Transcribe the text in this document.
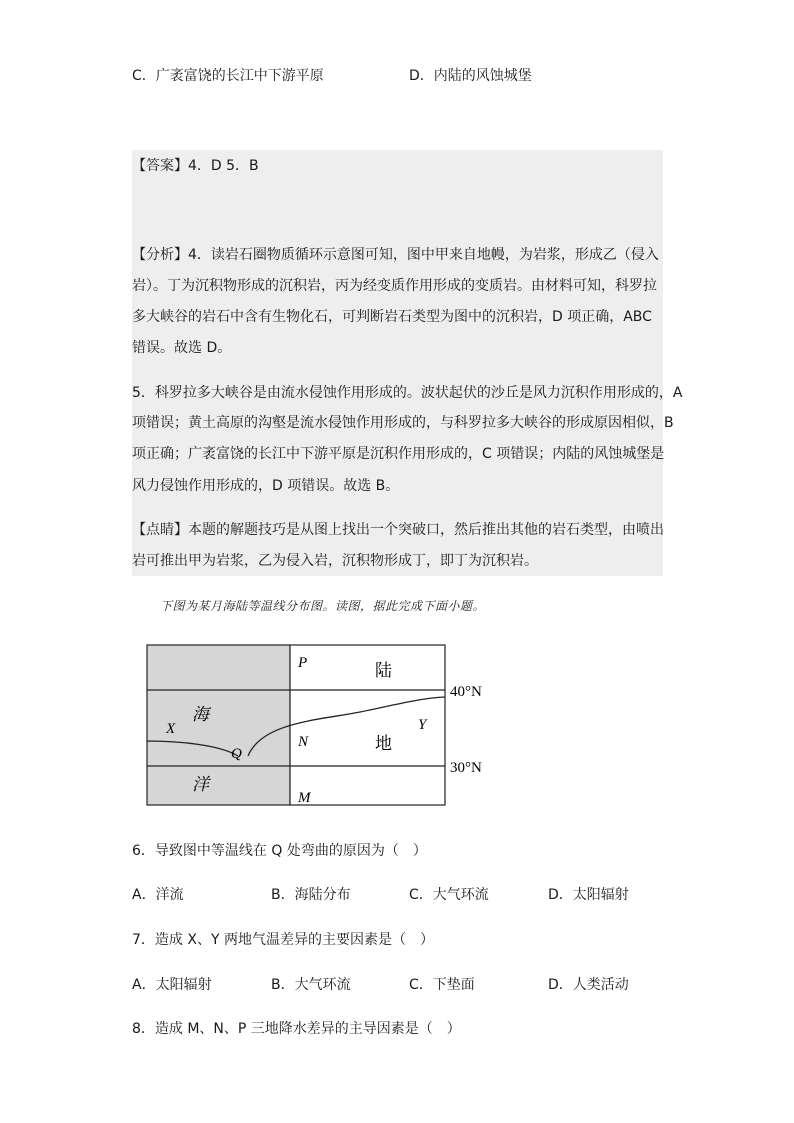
C．广袤富饶的长江中下游平原	D．内陆的风蚀城堡
【答案】4．D 5．B
【分析】4．读岩石圈物质循环示意图可知，图中甲来自地幔，为岩浆，形成乙（侵入
岩）。丁为沉积物形成的沉积岩，丙为经变质作用形成的变质岩。由材料可知，科罗拉
多大峡谷的岩石中含有生物化石，可判断岩石类型为图中的沉积岩，D 项正确，ABC
错误。故选 D。
5．科罗拉多大峡谷是由流水侵蚀作用形成的。波状起伏的沙丘是风力沉积作用形成的，A
项错误；黄土高原的沟壑是流水侵蚀作用形成的，与科罗拉多大峡谷的形成原因相似，B
项正确；广袤富饶的长江中下游平原是沉积作用形成的，C 项错误；内陆的风蚀城堡是
风力侵蚀作用形成的，D 项错误。故选 B。
【点睛】本题的解题技巧是从图上找出一个突破口，然后推出其他的岩石类型，由喷出
岩可推出甲为岩浆，乙为侵入岩，沉积物形成丁，即丁为沉积岩。
下图为某月海陆等温线分布图。读图，据此完成下面小题。
海
洋
陆
地
P
X
Q
N
Y
M
40°N
30°N
6．导致图中等温线在 Q 处弯曲的原因为（　）
A．洋流	B．海陆分布	C．大气环流	D．太阳辐射
7．造成 X、Y 两地气温差异的主要因素是（　）
A．太阳辐射	B．大气环流	C．下垫面	D．人类活动
8．造成 M、N、P 三地降水差异的主导因素是（　）
